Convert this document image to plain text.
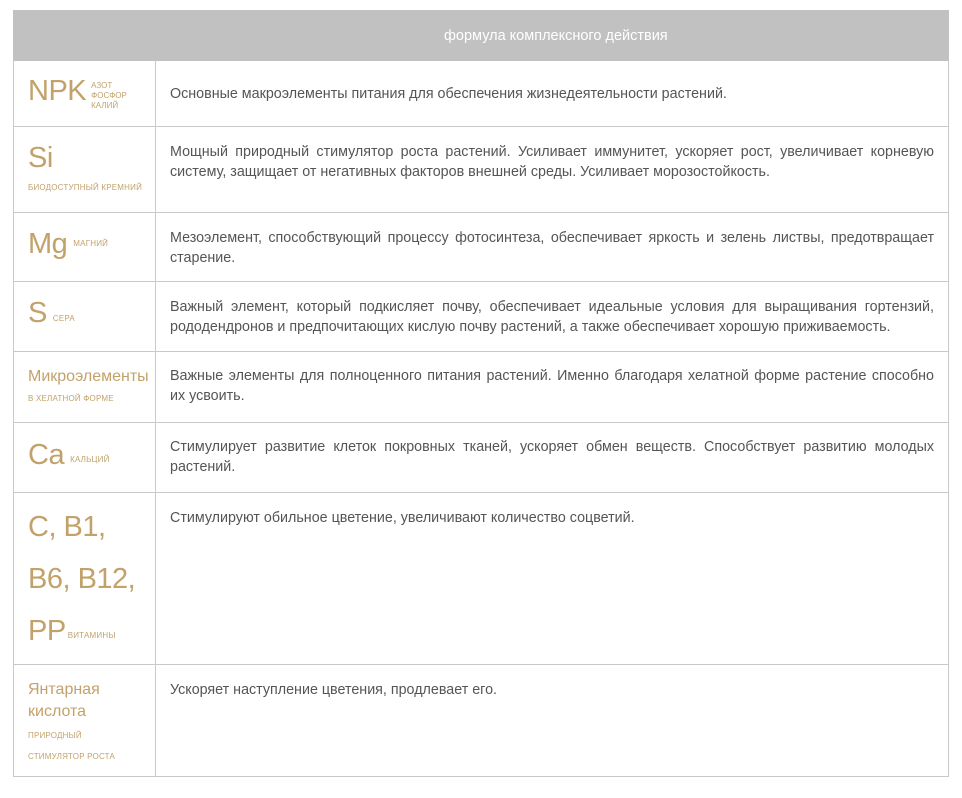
формула комплексного действия	

NPK АЗОТ
ФОСФОР
КАЛИЙ	Основные макроэлементы питания для обеспечения жизнедеятельности растений.

Si
БИОДОСТУПНЫЙ КРЕМНИЙ	Мощный природный стимулятор роста растений. Усиливает иммунитет, ускоряет рост, увеличивает корневую систему, защищает от негативных факторов внешней среды. Усиливает морозостойкость.

Mg МАГНИЙ	Мезоэлемент, способствующий процессу фотосинтеза, обеспечивает яркость и зелень листвы, предотвращает старение.

S СЕРА	Важный элемент, который подкисляет почву, обеспечивает идеальные условия для выращивания гортензий, рододендронов и предпочитающих кислую почву растений, а также обеспечивает хорошую приживаемость.

Микроэлементы
В ХЕЛАТНОЙ ФОРМЕ	Важные элементы для полноценного питания растений. Именно благодаря хелатной форме растение способно их усвоить.

Ca КАЛЬЦИЙ	Стимулирует развитие клеток покровных тканей, ускоряет обмен веществ. Способствует развитию молодых растений.

C, B1,
B6, B12,
PP ВИТАМИНЫ	Стимулируют обильное цветение, увеличивают количество соцветий.

Янтарная
кислота
ПРИРОДНЫЙ
СТИМУЛЯТОР РОСТА	Ускоряет наступление цветения, продлевает его.
